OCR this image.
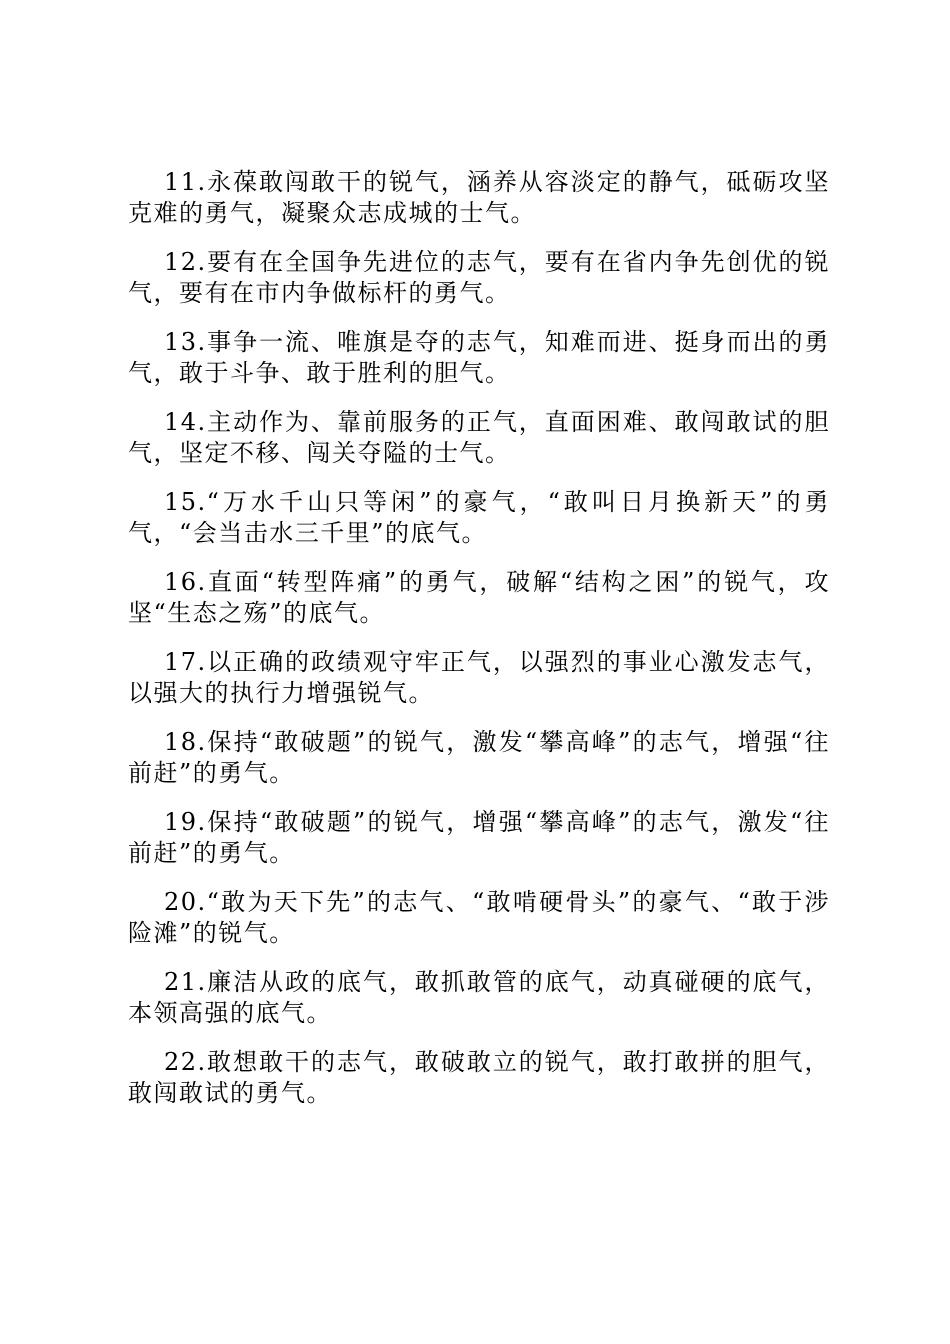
11.永葆敢闯敢干的锐气，涵养从容淡定的静气，砥砺攻坚克难的勇气，凝聚众志成城的士气。

12.要有在全国争先进位的志气，要有在省内争先创优的锐气，要有在市内争做标杆的勇气。

13.事争一流、唯旗是夺的志气，知难而进、挺身而出的勇气，敢于斗争、敢于胜利的胆气。

14.主动作为、靠前服务的正气，直面困难、敢闯敢试的胆气，坚定不移、闯关夺隘的士气。

15.“万水千山只等闲”的豪气，“敢叫日月换新天”的勇气，“会当击水三千里”的底气。

16.直面“转型阵痛”的勇气，破解“结构之困”的锐气，攻坚“生态之殇”的底气。

17.以正确的政绩观守牢正气，以强烈的事业心激发志气，以强大的执行力增强锐气。

18.保持“敢破题”的锐气，激发“攀高峰”的志气，增强“往前赶”的勇气。

19.保持“敢破题”的锐气，增强“攀高峰”的志气，激发“往前赶”的勇气。

20.“敢为天下先”的志气、“敢啃硬骨头”的豪气、“敢于涉险滩”的锐气。

21.廉洁从政的底气，敢抓敢管的底气，动真碰硬的底气，本领高强的底气。

22.敢想敢干的志气，敢破敢立的锐气，敢打敢拼的胆气，敢闯敢试的勇气。
